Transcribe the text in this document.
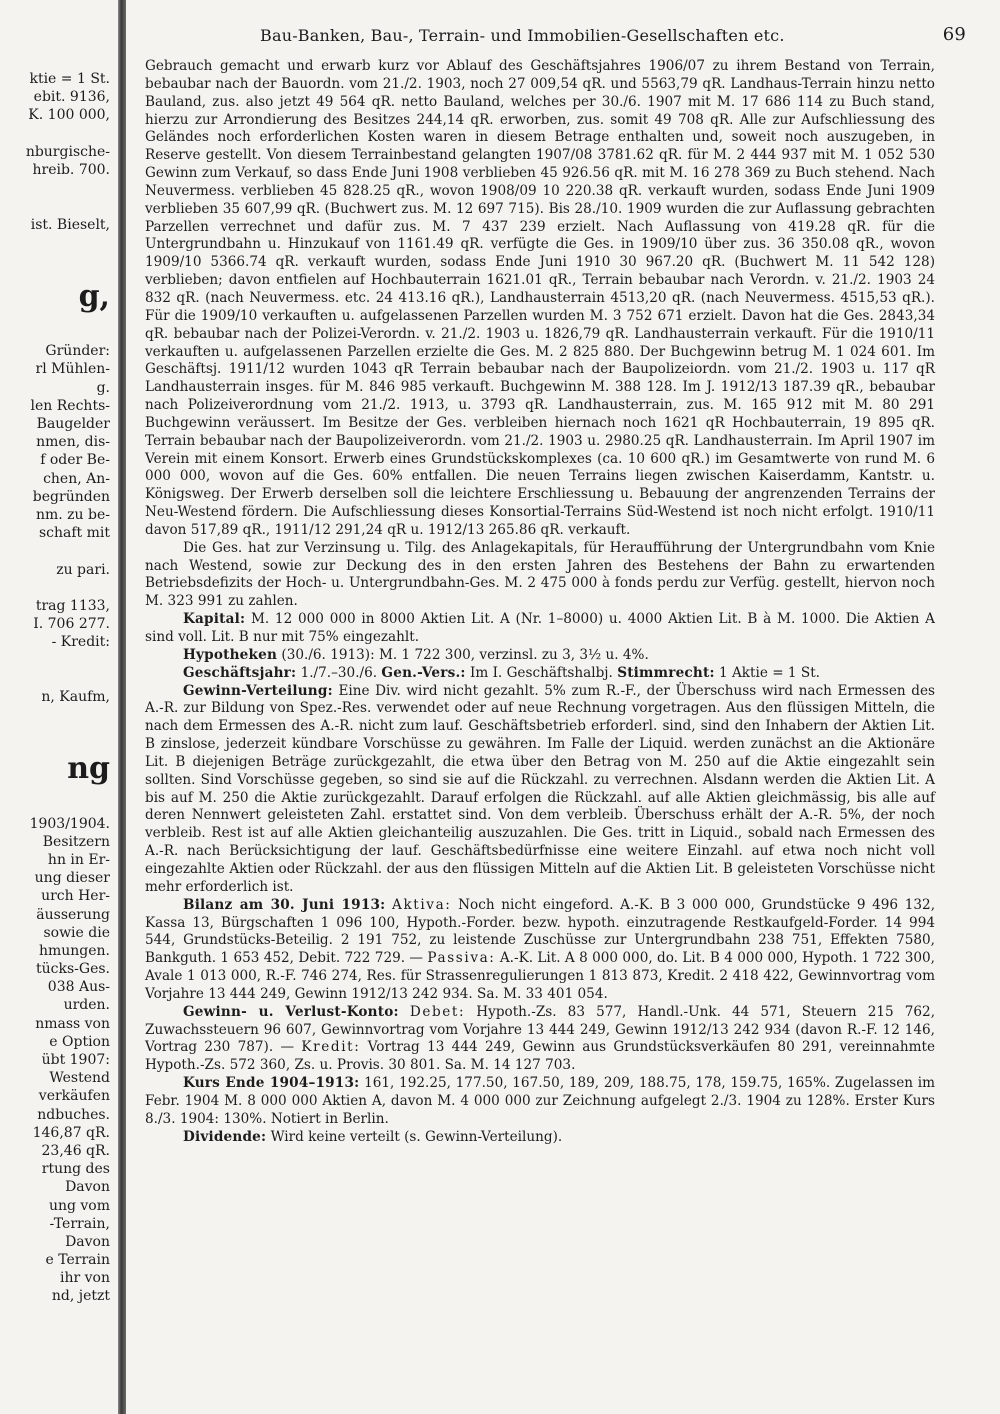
ktie = 1 St.
ebit. 9136,
K. 100 000,

nburgische-
hreib. 700.

ist. Bieselt,

g,

Gründer:
rl Mühlen-
g.
len Rechts-
Baugelder
nmen, dis-
f oder Be-
chen, An-
begründen
nm. zu be-
schaft mit

zu pari.

trag 1133,
I. 706 277.
- Kredit:

n, Kaufm,

ng

1903/1904.
Besitzern
hn in Er-
ung dieser
urch Her-
äusserung
sowie die
hmungen.
tücks-Ges.
038 Aus-
urden.
nmass von
e Option
übt 1907:
Westend
verkäufen
ndbuches.
146,87 qR.
23,46 qR.
rtung des
Davon
ung vom
-Terrain,
Davon
e Terrain
ihr von
nd, jetzt
Bau-Banken, Bau-, Terrain- und Immobilien-Gesellschaften etc.	69

Gebrauch gemacht und erwarb kurz vor Ablauf des Geschäftsjahres 1906/07 zu ihrem Bestand von Terrain, bebaubar nach der Bauordn. vom 21./2. 1903, noch 27 009,54 qR. und 5563,79 qR. Landhaus-Terrain hinzu netto Bauland, zus. also jetzt 49 564 qR. netto Bauland, welches per 30./6. 1907 mit M. 17 686 114 zu Buch stand, hierzu zur Arrondierung des Besitzes 244,14 qR. erworben, zus. somit 49 708 qR. Alle zur Aufschliessung des Geländes noch erforderlichen Kosten waren in diesem Betrage enthalten und, soweit noch auszugeben, in Reserve gestellt. Von diesem Terrainbestand gelangten 1907/08 3781.62 qR. für M. 2 444 937 mit M. 1 052 530 Gewinn zum Verkauf, so dass Ende Juni 1908 verblieben 45 926.56 qR. mit M. 16 278 369 zu Buch stehend. Nach Neuvermess. verblieben 45 828.25 qR., wovon 1908/09 10 220.38 qR. verkauft wurden, sodass Ende Juni 1909 verblieben 35 607,99 qR. (Buchwert zus. M. 12 697 715). Bis 28./10. 1909 wurden die zur Auflassung gebrachten Parzellen verrechnet und dafür zus. M. 7 437 239 erzielt. Nach Auflassung von 419.28 qR. für die Untergrundbahn u. Hinzukauf von 1161.49 qR. verfügte die Ges. in 1909/10 über zus. 36 350.08 qR., wovon 1909/10 5366.74 qR. verkauft wurden, sodass Ende Juni 1910 30 967.20 qR. (Buchwert M. 11 542 128) verblieben; davon entfielen auf Hochbauterrain 1621.01 qR., Terrain bebaubar nach Verordn. v. 21./2. 1903 24 832 qR. (nach Neuvermess. etc. 24 413.16 qR.), Landhausterrain 4513,20 qR. (nach Neuvermess. 4515,53 qR.). Für die 1909/10 verkauften u. aufgelassenen Parzellen wurden M. 3 752 671 erzielt. Davon hat die Ges. 2843,34 qR. bebaubar nach der Polizei-Verordn. v. 21./2. 1903 u. 1826,79 qR. Landhausterrain verkauft. Für die 1910/11 verkauften u. aufgelassenen Parzellen erzielte die Ges. M. 2 825 880. Der Buchgewinn betrug M. 1 024 601. Im Geschäftsj. 1911/12 wurden 1043 qR Terrain bebaubar nach der Baupolizeiordn. vom 21./2. 1903 u. 117 qR Landhausterrain insges. für M. 846 985 verkauft. Buchgewinn M. 388 128. Im J. 1912/13 187.39 qR., bebaubar nach Polizeiverordnung vom 21./2. 1913, u. 3793 qR. Landhausterrain, zus. M. 165 912 mit M. 80 291 Buchgewinn veräussert. Im Besitze der Ges. verbleiben hiernach noch 1621 qR Hochbauterrain, 19 895 qR. Terrain bebaubar nach der Baupolizeiverordn. vom 21./2. 1903 u. 2980.25 qR. Landhausterrain. Im April 1907 im Verein mit einem Konsort. Erwerb eines Grundstückskomplexes (ca. 10 600 qR.) im Gesamtwerte von rund M. 6 000 000, wovon auf die Ges. 60% entfallen. Die neuen Terrains liegen zwischen Kaiserdamm, Kantstr. u. Königsweg. Der Erwerb derselben soll die leichtere Erschliessung u. Bebauung der angrenzenden Terrains der Neu-Westend fördern. Die Aufschliessung dieses Konsortial-Terrains Süd-Westend ist noch nicht erfolgt. 1910/11 davon 517,89 qR., 1911/12 291,24 qR u. 1912/13 265.86 qR. verkauft.

Die Ges. hat zur Verzinsung u. Tilg. des Anlagekapitals, für Heraufführung der Untergrundbahn vom Knie nach Westend, sowie zur Deckung des in den ersten Jahren des Bestehens der Bahn zu erwartenden Betriebsdefizits der Hoch- u. Untergrundbahn-Ges. M. 2 475 000 à fonds perdu zur Verfüg. gestellt, hiervon noch M. 323 991 zu zahlen.

Kapital: M. 12 000 000 in 8000 Aktien Lit. A (Nr. 1–8000) u. 4000 Aktien Lit. B à M. 1000. Die Aktien A sind voll. Lit. B nur mit 75% eingezahlt.

Hypotheken (30./6. 1913): M. 1 722 300, verzinsl. zu 3, 3½ u. 4%.

Geschäftsjahr: 1./7.–30./6. Gen.-Vers.: Im I. Geschäftshalbj. Stimmrecht: 1 Aktie = 1 St.

Gewinn-Verteilung: Eine Div. wird nicht gezahlt. 5% zum R.-F., der Überschuss wird nach Ermessen des A.-R. zur Bildung von Spez.-Res. verwendet oder auf neue Rechnung vorgetragen. Aus den flüssigen Mitteln, die nach dem Ermessen des A.-R. nicht zum lauf. Geschäftsbetrieb erforderl. sind, sind den Inhabern der Aktien Lit. B zinslose, jederzeit kündbare Vorschüsse zu gewähren. Im Falle der Liquid. werden zunächst an die Aktionäre Lit. B diejenigen Beträge zurückgezahlt, die etwa über den Betrag von M. 250 auf die Aktie eingezahlt sein sollten. Sind Vorschüsse gegeben, so sind sie auf die Rückzahl. zu verrechnen. Alsdann werden die Aktien Lit. A bis auf M. 250 die Aktie zurückgezahlt. Darauf erfolgen die Rückzahl. auf alle Aktien gleichmässig, bis alle auf deren Nennwert geleisteten Zahl. erstattet sind. Von dem verbleib. Überschuss erhält der A.-R. 5%, der noch verbleib. Rest ist auf alle Aktien gleichanteilig auszuzahlen. Die Ges. tritt in Liquid., sobald nach Ermessen des A.-R. nach Berücksichtigung der lauf. Geschäftsbedürfnisse eine weitere Einzahl. auf etwa noch nicht voll eingezahlte Aktien oder Rückzahl. der aus den flüssigen Mitteln auf die Aktien Lit. B geleisteten Vorschüsse nicht mehr erforderlich ist.

Bilanz am 30. Juni 1913: Aktiva: Noch nicht eingeford. A.-K. B 3 000 000, Grundstücke 9 496 132, Kassa 13, Bürgschaften 1 096 100, Hypoth.-Forder. bezw. hypoth. einzutragende Restkaufgeld-Forder. 14 994 544, Grundstücks-Beteilig. 2 191 752, zu leistende Zuschüsse zur Untergrundbahn 238 751, Effekten 7580, Bankguth. 1 653 452, Debit. 722 729. — Passiva: A.-K. Lit. A 8 000 000, do. Lit. B 4 000 000, Hypoth. 1 722 300, Avale 1 013 000, R.-F. 746 274, Res. für Strassenregulierungen 1 813 873, Kredit. 2 418 422, Gewinnvortrag vom Vorjahre 13 444 249, Gewinn 1912/13 242 934. Sa. M. 33 401 054.

Gewinn- u. Verlust-Konto: Debet: Hypoth.-Zs. 83 577, Handl.-Unk. 44 571, Steuern 215 762, Zuwachssteuern 96 607, Gewinnvortrag vom Vorjahre 13 444 249, Gewinn 1912/13 242 934 (davon R.-F. 12 146, Vortrag 230 787). — Kredit: Vortrag 13 444 249, Gewinn aus Grundstücksverkäufen 80 291, vereinnahmte Hypoth.-Zs. 572 360, Zs. u. Provis. 30 801. Sa. M. 14 127 703.

Kurs Ende 1904–1913: 161, 192.25, 177.50, 167.50, 189, 209, 188.75, 178, 159.75, 165%. Zugelassen im Febr. 1904 M. 8 000 000 Aktien A, davon M. 4 000 000 zur Zeichnung aufgelegt 2./3. 1904 zu 128%. Erster Kurs 8./3. 1904: 130%. Notiert in Berlin.

Dividende: Wird keine verteilt (s. Gewinn-Verteilung).
